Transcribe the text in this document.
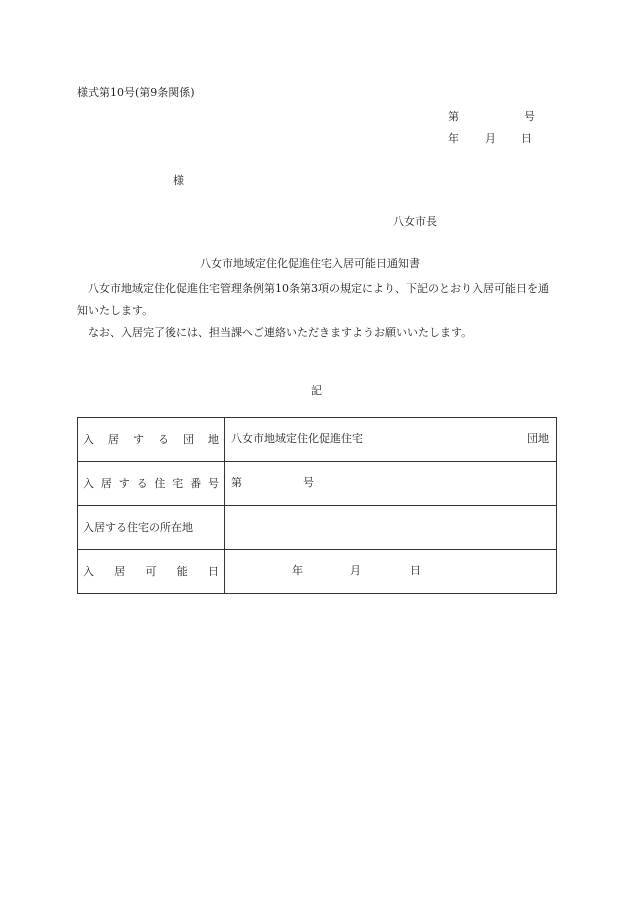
様式第10号(第9条関係)
第	号
年 月 日
様
八女市長
八女市地域定住化促進住宅入居可能日通知書

八女市地域定住化促進住宅管理条例第10条第3項の規定により、下記のとおり入居可能日を通知いたします。

なお、入居完了後には、担当課へご連絡いただきますようお願いいたします。

記
入居する団地	八女市地域定住化促進住宅 団地

入居する住宅番号	第 号

入居する住宅の所在地	

入居可能日	年 月 日
